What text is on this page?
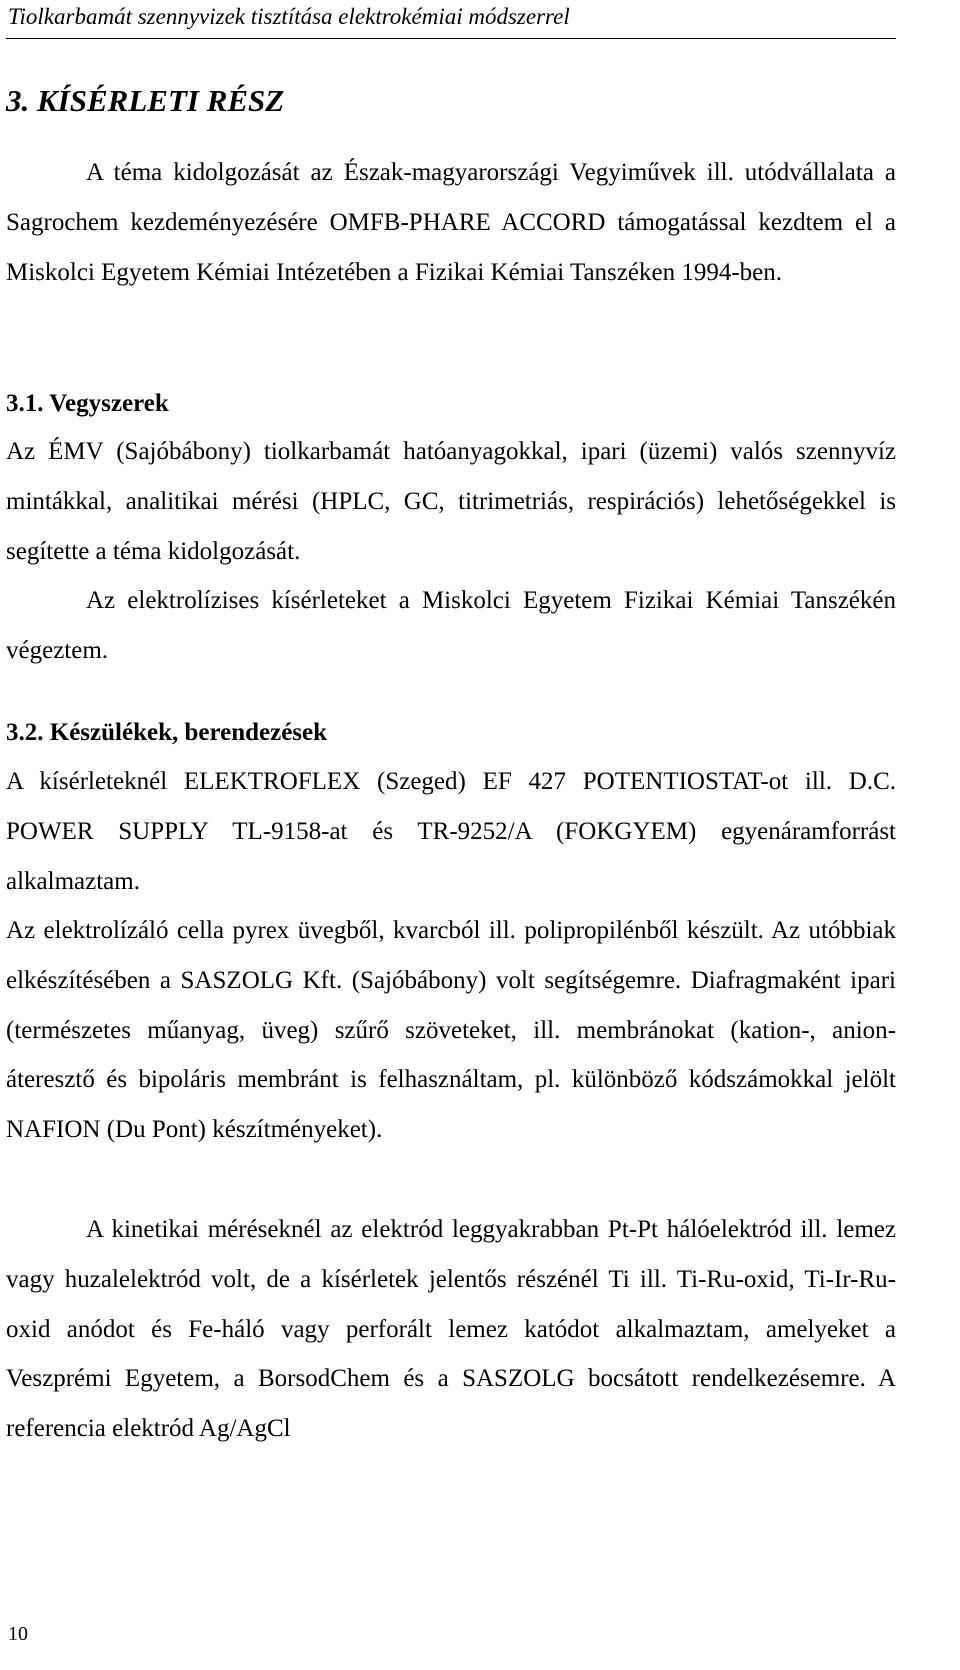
Tiolkarbamát szennyvizek tisztítása elektrokémiai módszerrel
3. KÍSÉRLETI RÉSZ

A téma kidolgozását az Észak-magyarországi Vegyiművek ill. utódvállalata a Sagrochem kezdeményezésére OMFB-PHARE ACCORD támogatással kezdtem el a Miskolci Egyetem Kémiai Intézetében a Fizikai Kémiai Tanszéken 1994-ben.

3.1. Vegyszerek

Az ÉMV (Sajóbábony) tiolkarbamát hatóanyagokkal, ipari (üzemi) valós szennyvíz mintákkal, analitikai mérési (HPLC, GC, titrimetriás, respirációs) lehetőségekkel is segítette a téma kidolgozását.

Az elektrolízises kísérleteket a Miskolci Egyetem Fizikai Kémiai Tanszékén végeztem.

3.2. Készülékek, berendezések

A kísérleteknél ELEKTROFLEX (Szeged) EF 427 POTENTIOSTAT-ot ill. D.C. POWER SUPPLY TL-9158-at és TR-9252/A (FOKGYEM) egyenáramforrást alkalmaztam.

Az elektrolízáló cella pyrex üvegből, kvarcból ill. polipropilénből készült. Az utóbbiak elkészítésében a SASZOLG Kft. (Sajóbábony) volt segítségemre. Diafragmaként ipari (természetes műanyag, üveg) szűrő szöveteket, ill. membránokat (kation-, anion-áteresztő és bipoláris membránt is felhasználtam, pl. különböző kódszámokkal jelölt NAFION (Du Pont) készítményeket).

A kinetikai méréseknél az elektród leggyakrabban Pt-Pt hálóelektród ill. lemez vagy huzalelektród volt, de a kísérletek jelentős részénél Ti ill. Ti-Ru-oxid, Ti-Ir-Ru-oxid anódot és Fe-háló vagy perforált lemez katódot alkalmaztam, amelyeket a Veszprémi Egyetem, a BorsodChem és a SASZOLG bocsátott rendelkezésemre. A referencia elektród Ag/AgCl

10
